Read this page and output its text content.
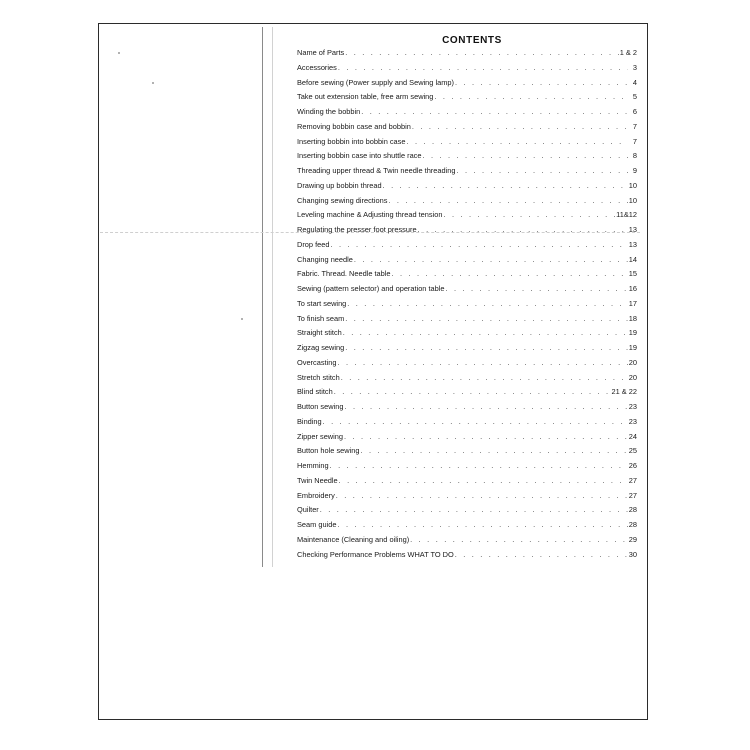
CONTENTS
Name of Parts . . .	1 & 2
Accessories . . .	3
Before sewing (Power supply and Sewing lamp) . . .	4
Take out extension table, free arm sewing . . .	5
Winding the bobbin . . .	6
Removing bobbin case and bobbin . . .	7
Inserting bobbin into bobbin case . . .	7
Inserting bobbin case into shuttle race . . .	8
Threading upper thread & Twin needle threading . . .	9
Drawing up bobbin thread . . .	10
Changing sewing directions . . .	10
Leveling machine & Adjusting thread tension . . .	11&12
Regulating the presser foot pressure . . .	13
Drop feed . . .	13
Changing needle . . .	14
Fabric. Thread. Needle table . . .	15
Sewing (pattern selector) and operation table . . .	16
To start sewing . . .	17
To finish seam . . .	18
Straight stitch . . .	19
Zigzag sewing . . .	19
Overcasting . . .	20
Stretch stitch . . .	20
Blind stitch . . .	21 & 22
Button sewing . . .	23
Binding . . .	23
Zipper sewing . . .	24
Button hole sewing . . .	25
Hemming . . .	26
Twin Needle . . .	27
Embroidery . . .	27
Quilter . . .	28
Seam guide . . .	28
Maintenance (Cleaning and oiling) . . .	29
Checking Performance Problems WHAT TO DO . . .	30
